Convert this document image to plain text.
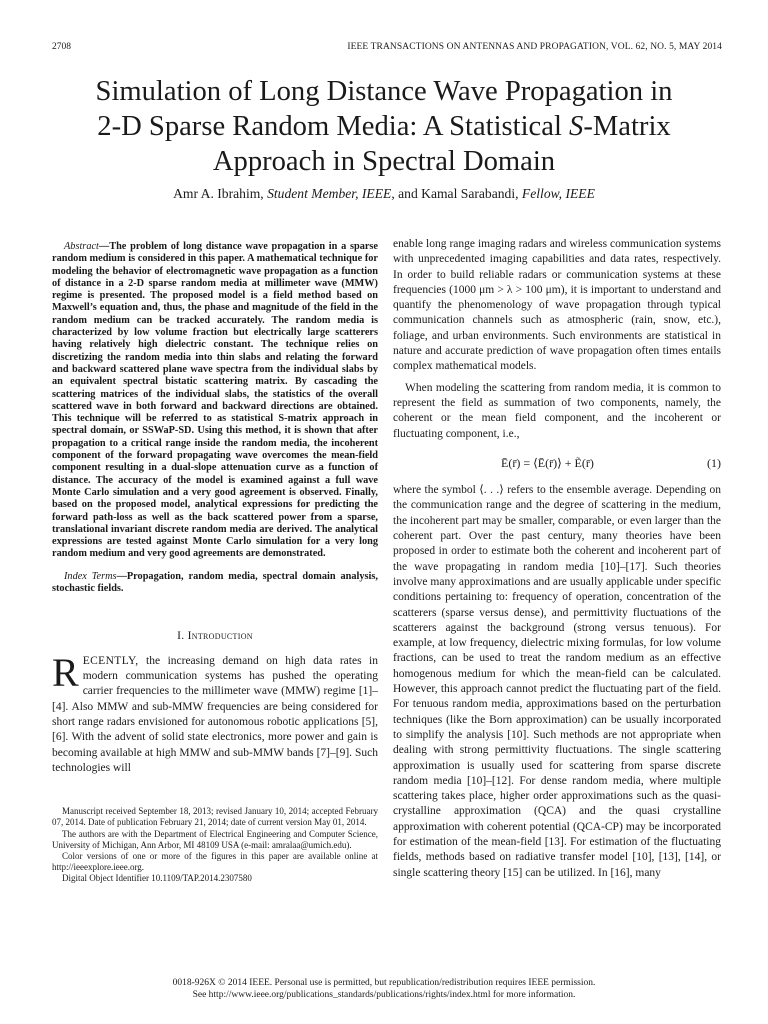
2708	IEEE TRANSACTIONS ON ANTENNAS AND PROPAGATION, VOL. 62, NO. 5, MAY 2014
Simulation of Long Distance Wave Propagation in
2-D Sparse Random Media: A Statistical S-Matrix
Approach in Spectral Domain
Amr A. Ibrahim, Student Member, IEEE, and Kamal Sarabandi, Fellow, IEEE

Abstract—The problem of long distance wave propagation in a sparse random medium is considered in this paper. A mathematical technique for modeling the behavior of electromagnetic wave propagation as a function of distance in a 2-D sparse random media at millimeter wave (MMW) regime is presented. The proposed model is a field method based on Maxwell’s equation and, thus, the phase and magnitude of the field in the random medium can be tracked accurately. The random media is characterized by low volume fraction but electrically large scatterers having relatively high dielectric constant. The technique relies on discretizing the random media into thin slabs and relating the forward and backward scattered plane wave spectra from the individual slabs by an equivalent spectral bistatic scattering matrix. By cascading the scattering matrices of the individual slabs, the statistics of the overall scattered wave in both forward and backward directions are obtained. This technique will be referred to as statistical S-matrix approach in spectral domain, or SSWaP-SD. Using this method, it is shown that after propagation to a critical range inside the random media, the incoherent component of the forward propagating wave overcomes the mean-field component resulting in a dual-slope attenuation curve as a function of distance. The accuracy of the model is examined against a full wave Monte Carlo simulation and a very good agreement is observed. Finally, based on the proposed model, analytical expressions for predicting the forward path-loss as well as the back scattered power from a sparse, translational invariant discrete random media are derived. The analytical expressions are tested against Monte Carlo simulation for a very long random medium and very good agreements are demonstrated.

Index Terms—Propagation, random media, spectral domain analysis, stochastic fields.

I. Introduction

RECENTLY, the increasing demand on high data rates in modern communication systems has pushed the operating carrier frequencies to the millimeter wave (MMW) regime [1]–[4]. Also MMW and sub-MMW frequencies are being considered for short range radars envisioned for autonomous robotic applications [5], [6]. With the advent of solid state electronics, more power and gain is becoming available at high MMW and sub-MMW bands [7]–[9]. Such technologies will

Manuscript received September 18, 2013; revised January 10, 2014; accepted February 07, 2014. Date of publication February 21, 2014; date of current version May 01, 2014.

The authors are with the Department of Electrical Engineering and Computer Science, University of Michigan, Ann Arbor, MI 48109 USA (e-mail: amralaa@umich.edu).

Color versions of one or more of the figures in this paper are available online at http://ieeexplore.ieee.org.

Digital Object Identifier 10.1109/TAP.2014.2307580

enable long range imaging radars and wireless communication systems with unprecedented imaging capabilities and data rates, respectively. In order to build reliable radars or communication systems at these frequencies (1000 μm > λ > 100 μm), it is important to understand and quantify the phenomenology of wave propagation through typical communication channels such as atmospheric (rain, snow, etc.), foliage, and urban environments. Such environments are statistical in nature and accurate prediction of wave propagation often times entails complex mathematical models.

When modeling the scattering from random media, it is common to represent the field as summation of two components, namely, the coherent or the mean field component, and the incoherent or fluctuating component, i.e.,

Ē(r̄) = ⟨Ē(r̄)⟩ + Ẽ(r̄)	(1)

where the symbol ⟨. . .⟩ refers to the ensemble average. Depending on the communication range and the degree of scattering in the medium, the incoherent part may be smaller, comparable, or even larger than the coherent part. Over the past century, many theories have been proposed in order to estimate both the coherent and incoherent part of the wave propagating in random media [10]–[17]. Such theories involve many approximations and are usually applicable under specific conditions pertaining to: frequency of operation, concentration of the scatterers (sparse versus dense), and permittivity fluctuations of the scatterers against the background (strong versus tenuous). For example, at low frequency, dielectric mixing formulas, for low volume fractions, can be used to treat the random medium as an effective homogenous medium for which the mean-field can be calculated. However, this approach cannot predict the fluctuating part of the field. For tenuous random media, approximations based on the perturbation techniques (like the Born approximation) can be usually incorporated to simplify the analysis [10]. Such methods are not appropriate when dealing with strong permittivity fluctuations. The single scattering approximation is usually used for scattering from sparse discrete random media [10]–[12]. For dense random media, where multiple scattering takes place, higher order approximations such as the quasi-crystalline approximation (QCA) and the quasi crystalline approximation with coherent potential (QCA-CP) may be incorporated for estimation of the mean-field [13]. For estimation of the fluctuating fields, methods based on radiative transfer model [10], [13], [14], or single scattering theory [15] can be utilized. In [16], many

0018-926X © 2014 IEEE. Personal use is permitted, but republication/redistribution requires IEEE permission.
See http://www.ieee.org/publications_standards/publications/rights/index.html for more information.
